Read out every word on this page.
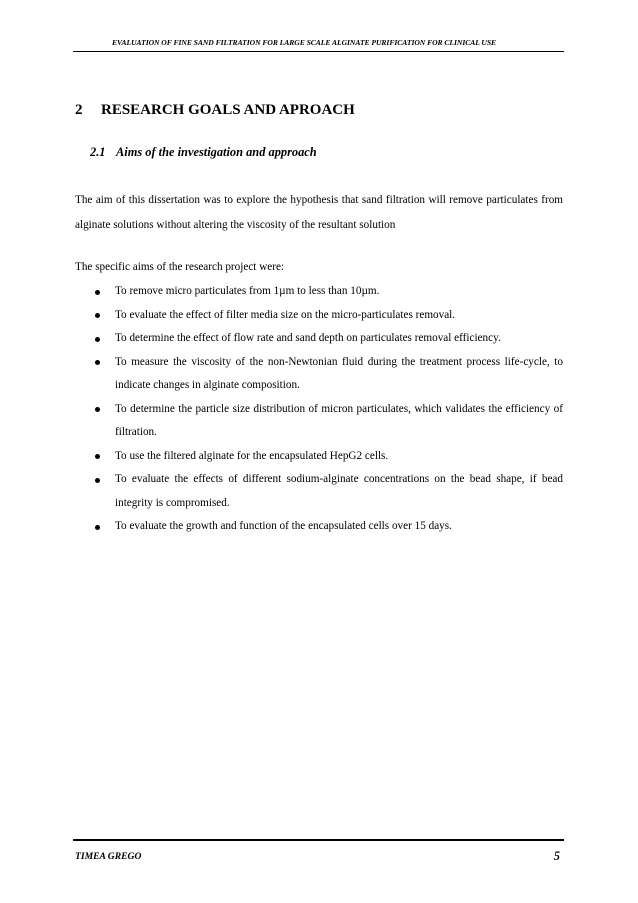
EVALUATION OF FINE SAND FILTRATION FOR LARGE SCALE ALGINATE PURIFICATION FOR CLINICAL USE
2 RESEARCH GOALS AND APROACH
2.1 Aims of the investigation and approach

The aim of this dissertation was to explore the hypothesis that sand filtration will remove particulates from alginate solutions without altering the viscosity of the resultant solution

The specific aims of the research project were:

To remove micro particulates from 1µm to less than 10µm.
To evaluate the effect of filter media size on the micro-particulates removal.
To determine the effect of flow rate and sand depth on particulates removal efficiency.
To measure the viscosity of the non-Newtonian fluid during the treatment process life-cycle, to indicate changes in alginate composition.
To determine the particle size distribution of micron particulates, which validates the efficiency of filtration.
To use the filtered alginate for the encapsulated HepG2 cells.
To evaluate the effects of different sodium-alginate concentrations on the bead shape, if bead integrity is compromised.
To evaluate the growth and function of the encapsulated cells over 15 days.
TIMEA GREGO	5
